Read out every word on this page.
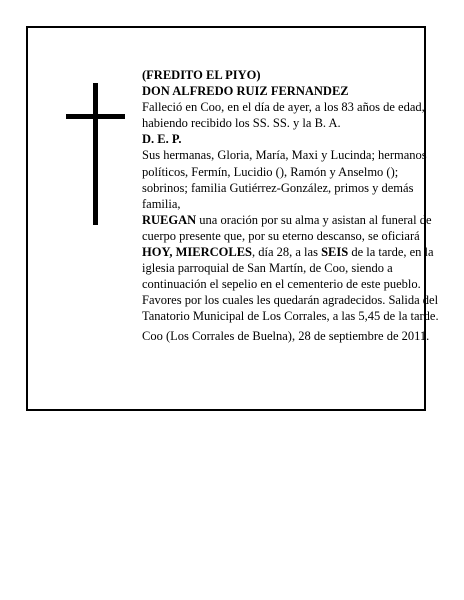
(FREDITO EL PIYO)

DON ALFREDO RUIZ FERNANDEZ

Falleció en Coo, en el día de ayer, a los 83 años de edad, habiendo recibido los SS. SS. y la B. A.

D. E. P.

Sus hermanas, Gloria, María, Maxi y Lucinda; hermanos políticos, Fermín, Lucidio (), Ramón y Anselmo (); sobrinos; familia Gutiérrez-González, primos y demás familia,

RUEGAN una oración por su alma y asistan al funeral de cuerpo presente que, por su eterno descanso, se oficiará HOY, MIERCOLES, día 28, a las SEIS de la tarde, en la iglesia parroquial de San Martín, de Coo, siendo a continuación el sepelio en el cementerio de este pueblo. Favores por los cuales les quedarán agradecidos. Salida del Tanatorio Municipal de Los Corrales, a las 5,45 de la tarde.

Coo (Los Corrales de Buelna), 28 de septiembre de 2011.
